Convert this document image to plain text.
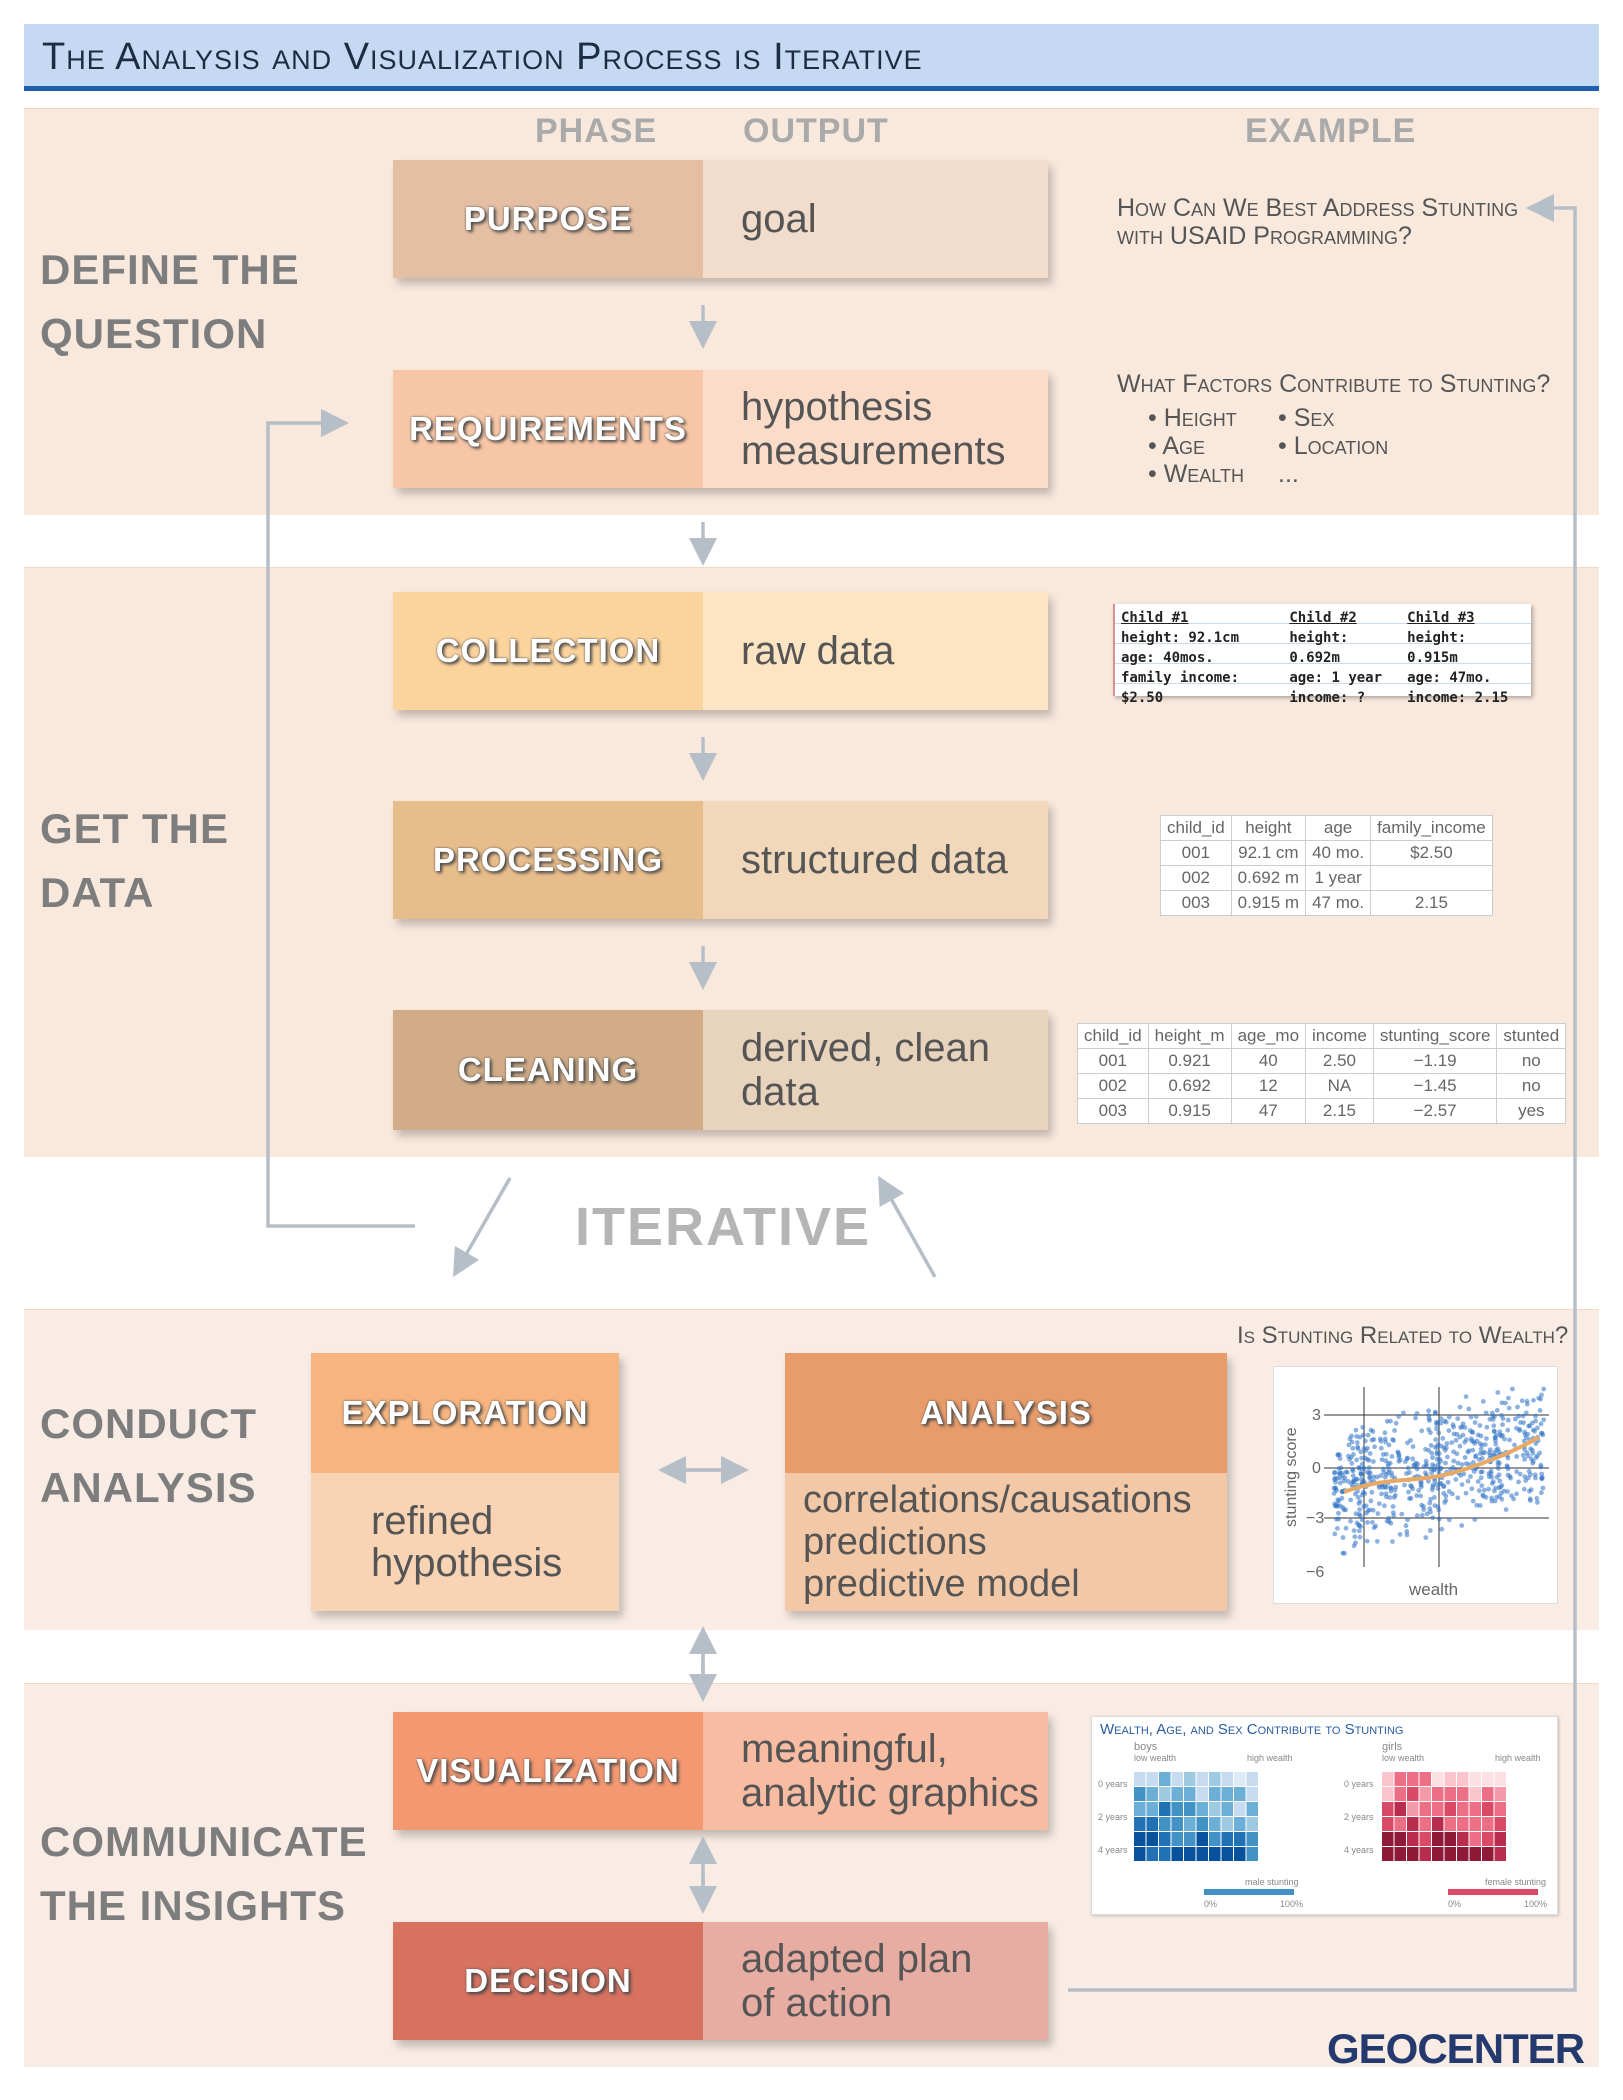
The Analysis and Visualization Process is Iterative
PHASE	OUTPUT	EXAMPLE
DEFINE THE QUESTION
GET THE DATA
CONDUCT ANALYSIS
COMMUNICATE THE INSIGHTS
PURPOSE	goal
REQUIREMENTS	hypothesis
measurements
COLLECTION	raw data
PROCESSING	structured data
CLEANING	derived, clean
data
EXPLORATION
refined
hypothesis
ANALYSIS
correlations/causations
predictions
predictive model
VISUALIZATION	meaningful,
analytic graphics
DECISION	adapted plan
of action
ITERATIVE
How Can We Best Address Stunting with USAID Programming?
What Factors Contribute to Stunting?
• Height	• Sex
• Age	• Location
• Wealth	...
Child #1
height: 92.1cm
age: 40mos.
family income: $2.50
Child #2
height: 0.692m
age: 1 year
income: ?
Child #3
height: 0.915m
age: 47mo.
income: 2.15
child_id	height	age	family_income
001	92.1 cm	40 mo.	$2.50
002	0.692 m	1 year	
003	0.915 m	47 mo.	2.15
child_id	height_m	age_mo	income	stunting_score	stunted
001	0.921	40	2.50	−1.19	no
002	0.692	12	NA	−1.45	no
003	0.915	47	2.15	−2.57	yes
Is Stunting Related to Wealth?
3
0
−3
−6
wealth
stunting score
Wealth, Age, and Sex Contribute to Stunting
boys	girls
low wealth	high wealth	low wealth	high wealth
0 years
2 years
4 years
0 years
2 years
4 years
male stunting	female stunting
0%	100%	0%	100%
GEOCENTER
